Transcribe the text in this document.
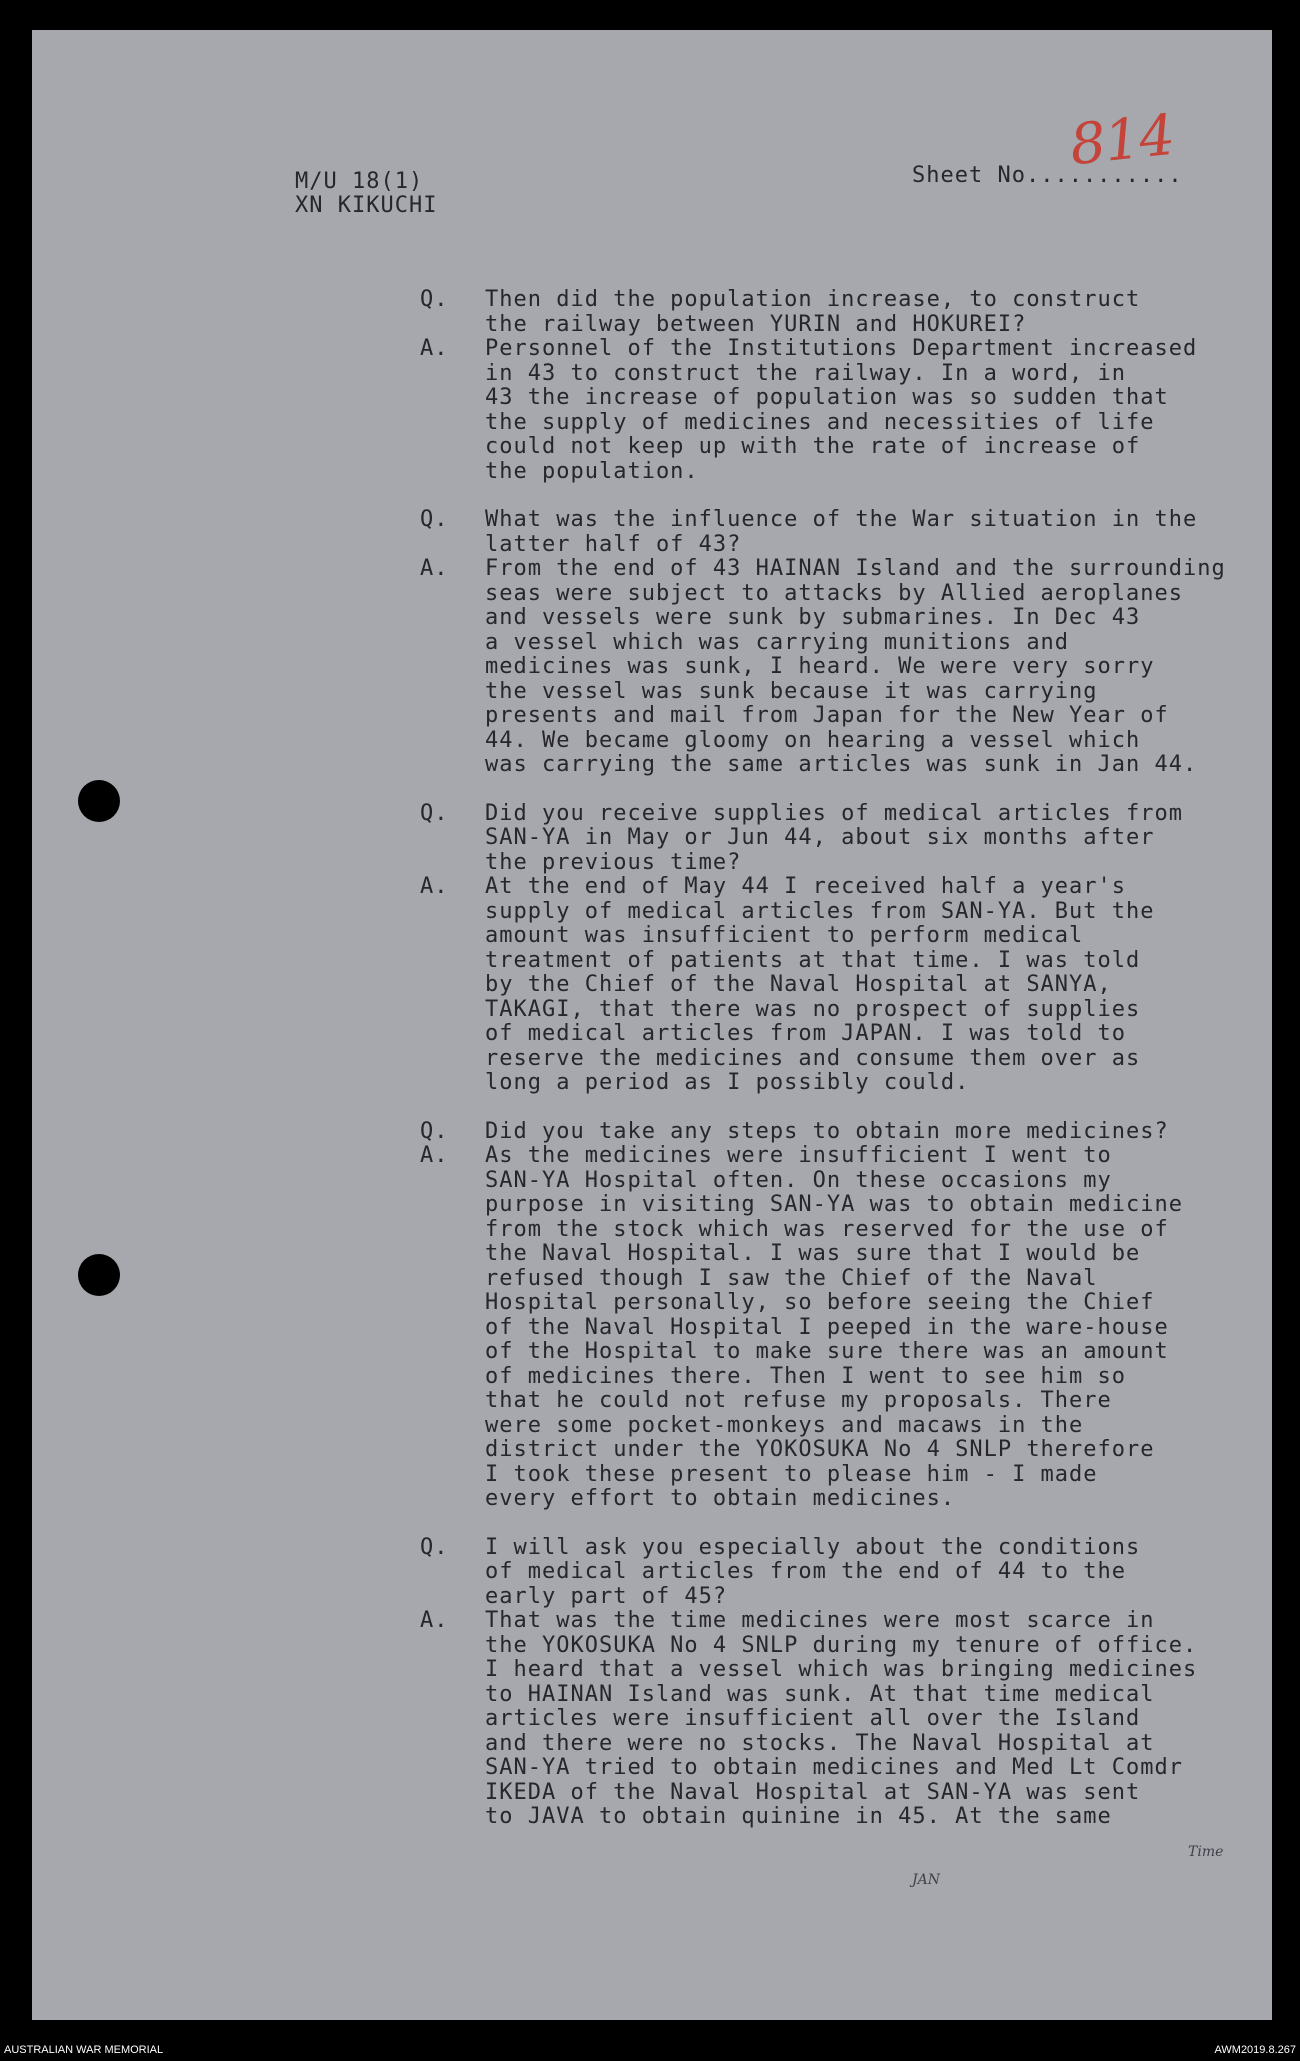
M/U 18(1)
XN KIKUCHI
Sheet No...........
814
Q. Then did the population increase, to construct
the railway between YURIN and HOKUREI?
A. Personnel of the Institutions Department increased
in 43 to construct the railway. In a word, in
43 the increase of population was so sudden that
the supply of medicines and necessities of life
could not keep up with the rate of increase of
the population.
Q. What was the influence of the War situation in the
latter half of 43?
A. From the end of 43 HAINAN Island and the surrounding
seas were subject to attacks by Allied aeroplanes
and vessels were sunk by submarines. In Dec 43
a vessel which was carrying munitions and
medicines was sunk, I heard. We were very sorry
the vessel was sunk because it was carrying
presents and mail from Japan for the New Year of
44. We became gloomy on hearing a vessel which
was carrying the same articles was sunk in Jan 44.
Q. Did you receive supplies of medical articles from
SAN-YA in May or Jun 44, about six months after
the previous time?
A. At the end of May 44 I received half a year's
supply of medical articles from SAN-YA. But the
amount was insufficient to perform medical
treatment of patients at that time. I was told
by the Chief of the Naval Hospital at SANYA,
TAKAGI, that there was no prospect of supplies
of medical articles from JAPAN. I was told to
reserve the medicines and consume them over as
long a period as I possibly could.
Q. Did you take any steps to obtain more medicines?
A. As the medicines were insufficient I went to
SAN-YA Hospital often. On these occasions my
purpose in visiting SAN-YA was to obtain medicine
from the stock which was reserved for the use of
the Naval Hospital. I was sure that I would be
refused though I saw the Chief of the Naval
Hospital personally, so before seeing the Chief
of the Naval Hospital I peeped in the ware-house
of the Hospital to make sure there was an amount
of medicines there. Then I went to see him so
that he could not refuse my proposals. There
were some pocket-monkeys and macaws in the
district under the YOKOSUKA No 4 SNLP therefore
I took these present to please him - I made
every effort to obtain medicines.
Q. I will ask you especially about the conditions
of medical articles from the end of 44 to the
early part of 45?
A. That was the time medicines were most scarce in
the YOKOSUKA No 4 SNLP during my tenure of office.
I heard that a vessel which was bringing medicines
to HAINAN Island was sunk. At that time medical
articles were insufficient all over the Island
and there were no stocks. The Naval Hospital at
SAN-YA tried to obtain medicines and Med Lt Comdr
IKEDA of the Naval Hospital at SAN-YA was sent
to JAVA to obtain quinine in 45. At the same
Time
JAN
AUSTRALIAN WAR MEMORIAL	AWM2019.8.267
